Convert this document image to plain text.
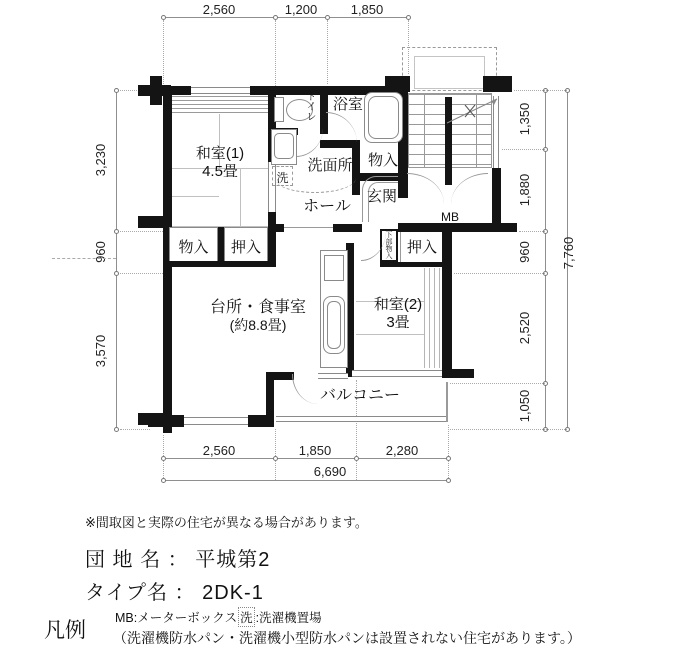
2,560	1,200	1,850
3,230
960
3,570
1,350
1,880
960
2,520
1,050
7,760
2,560	1,850	2,280
6,690
和室(1)
4.5畳
トイレ	浴室
洗
洗面所	物入
玄関
ホール
MB
物入	押入	下部物入 押入
台所・食事室
(約8.8畳)
和室(2)
3畳
バルコニー
※間取図と実際の住宅が異なる場合があります。
団 地 名 ： 平城第2
タイプ名 ： 2DK-1
凡例
MB:メーターボックス 洗 :洗濯機置場
（洗濯機防水パン・洗濯機小型防水パンは設置されない住宅があります。）
